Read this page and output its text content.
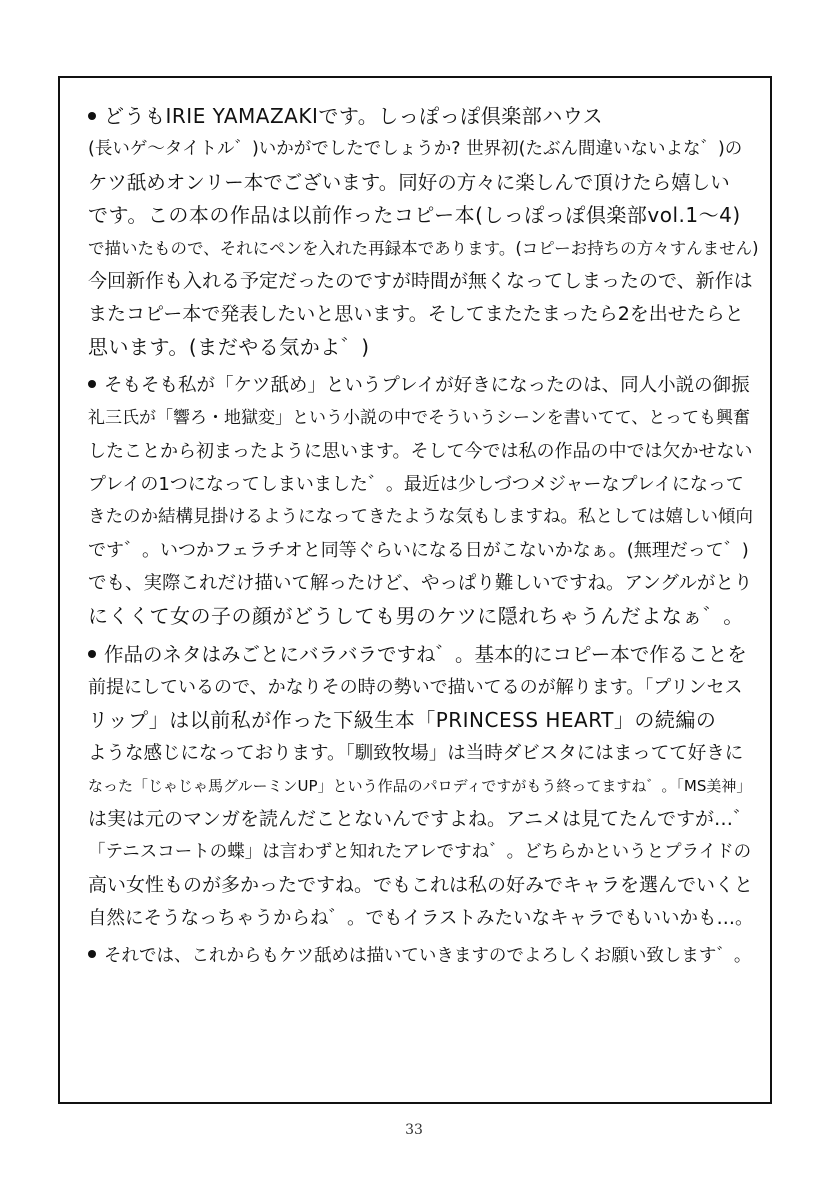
どうもIRIE YAMAZAKIです。しっぽっぽ倶楽部ハウス
(長いゲ〜タイトル゛)いかがでしたでしょうか? 世界初(たぶん間違いないよな゛)の
ケツ舐めオンリー本でございます。同好の方々に楽しんで頂けたら嬉しい
です。この本の作品は以前作ったコピー本(しっぽっぽ倶楽部vol.1〜4)
で描いたもので、それにペンを入れた再録本であります。(コピーお持ちの方々すんません)
今回新作も入れる予定だったのですが時間が無くなってしまったので、新作は
またコピー本で発表したいと思います。そしてまたたまったら2を出せたらと
思います。(まだやる気かよ゛)
そもそも私が「ケツ舐め」というプレイが好きになったのは、同人小説の御振
礼三氏が「響ろ・地獄変」という小説の中でそういうシーンを書いてて、とっても興奮
したことから初まったように思います。そして今では私の作品の中では欠かせない
プレイの1つになってしまいました゛。最近は少しづつメジャーなプレイになって
きたのか結構見掛けるようになってきたような気もしますね。私としては嬉しい傾向
です゛。いつかフェラチオと同等ぐらいになる日がこないかなぁ。(無理だって゛)
でも、実際これだけ描いて解ったけど、やっぱり難しいですね。アングルがとり
にくくて女の子の顔がどうしても男のケツに隠れちゃうんだよなぁ゛。
作品のネタはみごとにバラバラですね゛。基本的にコピー本で作ることを
前提にしているので、かなりその時の勢いで描いてるのが解ります。「プリンセス
リップ」は以前私が作った下級生本「PRINCESS HEART」の続編の
ような感じになっております。「馴致牧場」は当時ダビスタにはまってて好きに
なった「じゃじゃ馬グルーミンUP」という作品のパロディですがもう終ってますね゛。「MS美神」
は実は元のマンガを読んだことないんですよね。アニメは見てたんですが…゛
「テニスコートの蝶」は言わずと知れたアレですね゛。どちらかというとプライドの
高い女性ものが多かったですね。でもこれは私の好みでキャラを選んでいくと
自然にそうなっちゃうからね゛。でもイラストみたいなキャラでもいいかも…。
それでは、これからもケツ舐めは描いていきますのでよろしくお願い致します゛。
33
